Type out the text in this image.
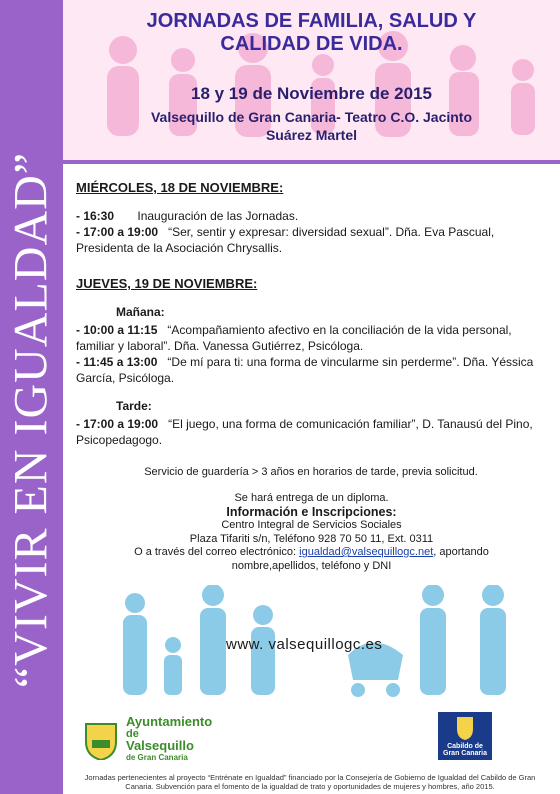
“VIVIR EN IGUALDAD”
JORNADAS DE FAMILIA, SALUD Y
CALIDAD DE VIDA.
18 y 19 de Noviembre de 2015
Valsequillo de Gran Canaria- Teatro C.O. Jacinto
Suárez Martel
MIÉRCOLES, 18 DE NOVIEMBRE:

- 16:30 Inauguración de las Jornadas.

- 17:00 a 19:00 “Ser, sentir y expresar: diversidad sexual”. Dña. Eva Pascual, Presidenta de la Asociación Chrysallis.

JUEVES, 19 DE NOVIEMBRE:
Mañana:

- 10:00 a 11:15 “Acompañamiento afectivo en la conciliación de la vida personal, familiar y laboral”. Dña. Vanessa Gutiérrez, Psicóloga.

- 11:45 a 13:00 “De mí para ti: una forma de vincularme sin perderme”. Dña. Yéssica García, Psicóloga.

Tarde:

- 17:00 a 19:00 “El juego, una forma de comunicación familiar”, D. Tanausú del Pino, Psicopedagogo.

Servicio de guardería > 3 años en horarios de tarde, previa solicitud.

Se hará entrega de un diploma.
Información e Inscripciones:
Centro Integral de Servicios Sociales
Plaza Tifariti s/n, Teléfono 928 70 50 11, Ext. 0311
O a través del correo electrónico: igualdad@valsequillogc.net, aportando
nombre,apellidos, teléfono y DNI
www. valsequillogc.es
Ayuntamiento
de
Valsequillo
de Gran Canaria
Cabildo de
Gran Canaria
Jornadas pertenecientes al proyecto “Entrénate en Igualdad” financiado por la Consejería de Gobierno de Igualdad del Cabildo de Gran Canaria. Subvención para el fomento de la igualdad de trato y oportunidades de mujeres y hombres, año 2015.
